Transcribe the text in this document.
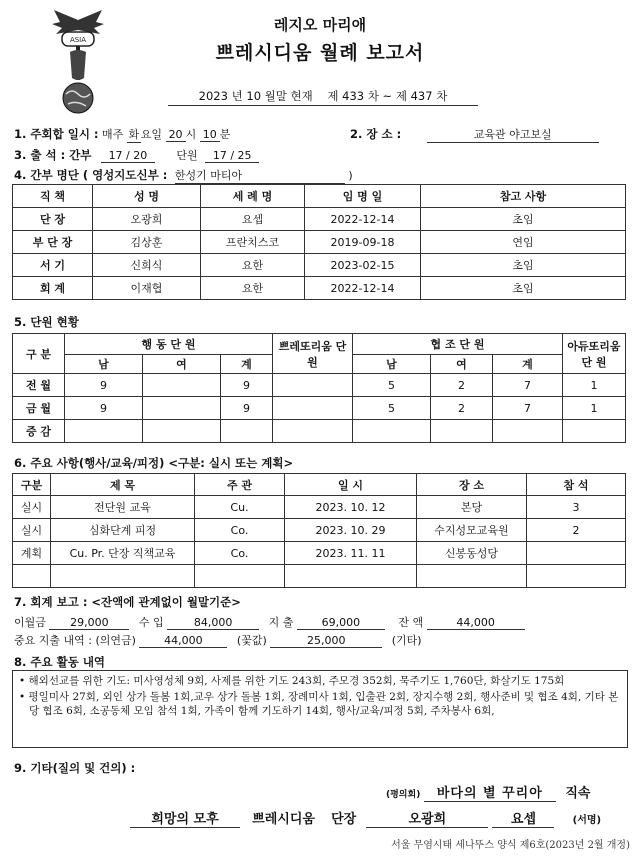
ASIA
레지오 마리애
쁘레시디움 월례 보고서
2023 년 10 월말 현재 제 433 차 ~ 제 437 차
1. 주회합 일시 : 매주 화 요일 20 시 10 분	2. 장 소 :	교육관 야고보실
3. 출 석 : 간부 17 / 20	단원 17 / 25
4. 간부 명단 ( 영성지도신부 : 한성기 마티아	)
직 책	성 명	세 례 명	임 명 일	참고 사항
단 장	오광희	요셉	2022-12-14	초임
부 단 장	김상훈	프란치스코	2019-09-18	연임
서 기	신희식	요한	2023-02-15	초임
회 계	이재협	요한	2022-12-14	초임
5. 단원 현황
구 분	행 동 단 원			쁘레또리움 단 원	협 조 단 원			아듀또리움 단 원
	남	여	계		남	여	계	
전 월	9		9		5	2	7	1
금 월	9		9		5	2	7	1
증 감								
6. 주요 사항(행사/교육/피정) <구분: 실시 또는 계획>
구분	제 목	주 관	일 시	장 소	참 석
실시	전단원 교육	Cu.	2023. 10. 12	본당	3
실시	심화단계 피정	Co.	2023. 10. 29	수지성모교육원	2
계획	Cu. Pr. 단장 직책교육	Co.	2023. 11. 11	신봉동성당	

7. 회계 보고 : <잔액에 관계없이 월말기준>
이월금 29,000	수 입	84,000	지 출	69,000	잔 액	44,000
중요 지출 내역 : (의연금)	44,000	(꽃값)	25,000	(기타)
8. 주요 활동 내역
• 해외선교를 위한 기도: 미사영성체 9회, 사제를 위한 기도 243회, 주모경 352회, 묵주기도 1,760단, 화살기도 175회
• 평일미사 27회, 외인 상가 돌봄 1회,교우 상가 돌봄 1회, 장례미사 1회, 입출관 2회, 장지수행 2회, 행사준비 및 협조 4회, 기타 본당 협조 6회, 소공동체 모임 참석 1회, 가족이 함께 기도하기 14회, 행사/교육/피정 5회, 주차봉사 6회,
9. 기타(질의 및 건의) :
(평의회) 바다의 별 꾸리아 직속
희망의 모후	쁘레시디움 단장	오광희	요셉	(서명)
서울 무염시태 세나뚜스 양식 제6호(2023년 2월 개정)
